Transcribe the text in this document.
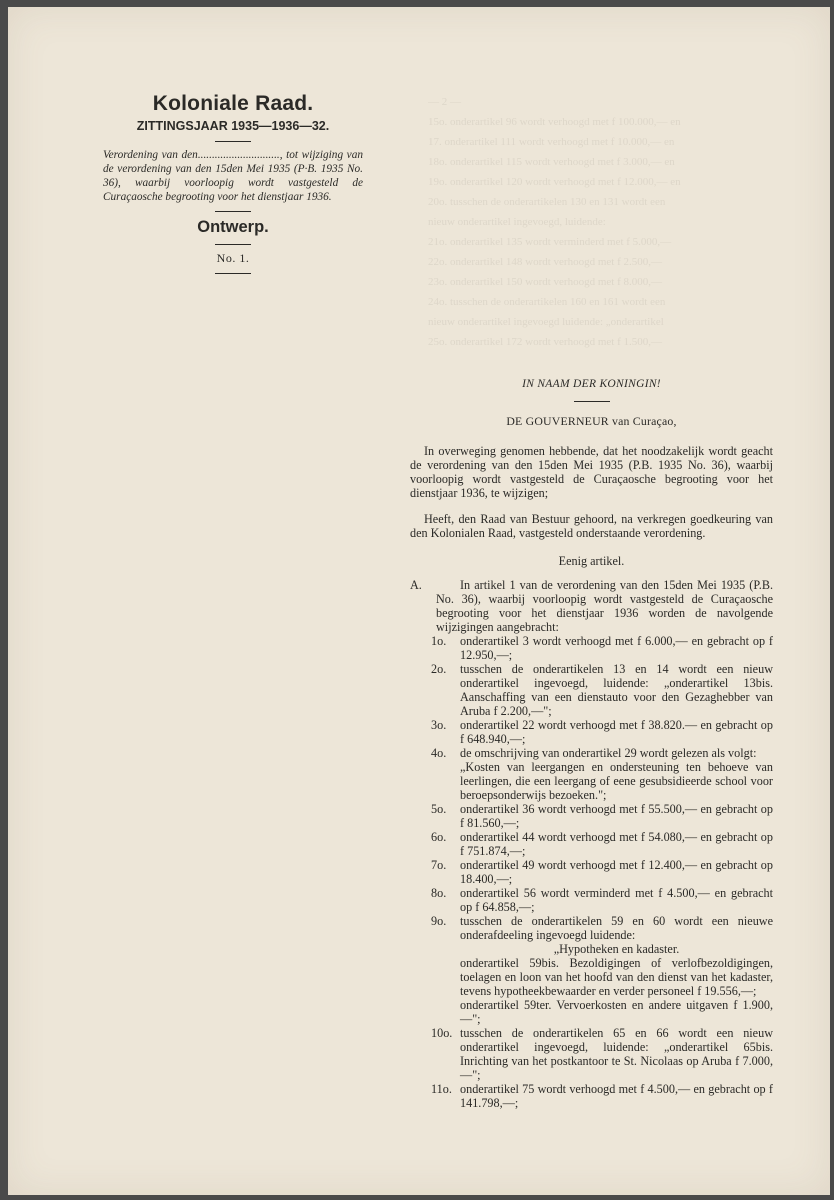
— 2 —
15o. onderartikel 96 wordt verhoogd met f 100.000,— en
17. onderartikel 111 wordt verhoogd met f 10.000,— en
18o. onderartikel 115 wordt verhoogd met f 3.000,— en
19o. onderartikel 120 wordt verhoogd met f 12.000,— en
20o. tusschen de onderartikelen 130 en 131 wordt een
nieuw onderartikel ingevoegd, luidende:
21o. onderartikel 135 wordt verminderd met f 5.000,—
22o. onderartikel 148 wordt verhoogd met f 2.500,—
23o. onderartikel 150 wordt verhoogd met f 8.000,—
24o. tusschen de onderartikelen 160 en 161 wordt een
nieuw onderartikel ingevoegd luidende: „onderartikel
25o. onderartikel 172 wordt verhoogd met f 1.500,—
Koloniale Raad.
ZITTINGSJAAR 1935—1936—32.
Verordening van den............................., tot wijziging van de verordening van den 15den Mei 1935 (P·B. 1935 No. 36), waarbij voorloopig wordt vastgesteld de Curaçaosche begrooting voor het dienstjaar 1936.
Ontwerp.
No. 1.
IN NAAM DER KONINGIN!
DE GOUVERNEUR van Curaçao,
In overweging genomen hebbende, dat het noodzakelijk wordt geacht de verordening van den 15den Mei 1935 (P.B. 1935 No. 36), waarbij voorloopig wordt vastgesteld de Curaçaosche begrooting voor het dienstjaar 1936, te wijzigen;
Heeft, den Raad van Bestuur gehoord, na verkregen goedkeuring van den Kolonialen Raad, vastgesteld onderstaande verordening.
Eenig artikel.
A.	In artikel 1 van de verordening van den 15den Mei 1935 (P.B. No. 36), waarbij voorloopig wordt vastgesteld de Curaçaosche begrooting voor het dienstjaar 1936 worden de navolgende wijzigingen aangebracht:
1o.	onderartikel 3 wordt verhoogd met f 6.000,— en gebracht op f 12.950,—;
2o.	tusschen de onderartikelen 13 en 14 wordt een nieuw onderartikel ingevoegd, luidende: „onderartikel 13bis. Aanschaffing van een dienstauto voor den Gezaghebber van Aruba f 2.200,—";
3o.	onderartikel 22 wordt verhoogd met f 38.820.— en gebracht op f 648.940,—;
4o.	de omschrijving van onderartikel 29 wordt gelezen als volgt:
„Kosten van leergangen en ondersteuning ten behoeve van leerlingen, die een leergang of eene gesubsidieerde school voor beroepsonderwijs bezoeken.";
5o.	onderartikel 36 wordt verhoogd met f 55.500,— en gebracht op f 81.560,—;
6o.	onderartikel 44 wordt verhoogd met f 54.080,— en gebracht op f 751.874,—;
7o.	onderartikel 49 wordt verhoogd met f 12.400,— en gebracht op 18.400,—;
8o.	onderartikel 56 wordt verminderd met f 4.500,— en gebracht op f 64.858,—;
9o.	tusschen de onderartikelen 59 en 60 wordt een nieuwe onderafdeeling ingevoegd luidende:
„Hypotheken en kadaster.
onderartikel 59bis. Bezoldigingen of verlofbezoldigingen, toelagen en loon van het hoofd van den dienst van het kadaster, tevens hypotheekbewaarder en verder personeel f 19.556,—;
onderartikel 59ter. Vervoerkosten en andere uitgaven f 1.900,—";
10o. tusschen de onderartikelen 65 en 66 wordt een nieuw onderartikel ingevoegd, luidende: „onderartikel 65bis. Inrichting van het postkantoor te St. Nicolaas op Aruba f 7.000,—";
11o. onderartikel 75 wordt verhoogd met f 4.500,— en gebracht op f 141.798,—;
